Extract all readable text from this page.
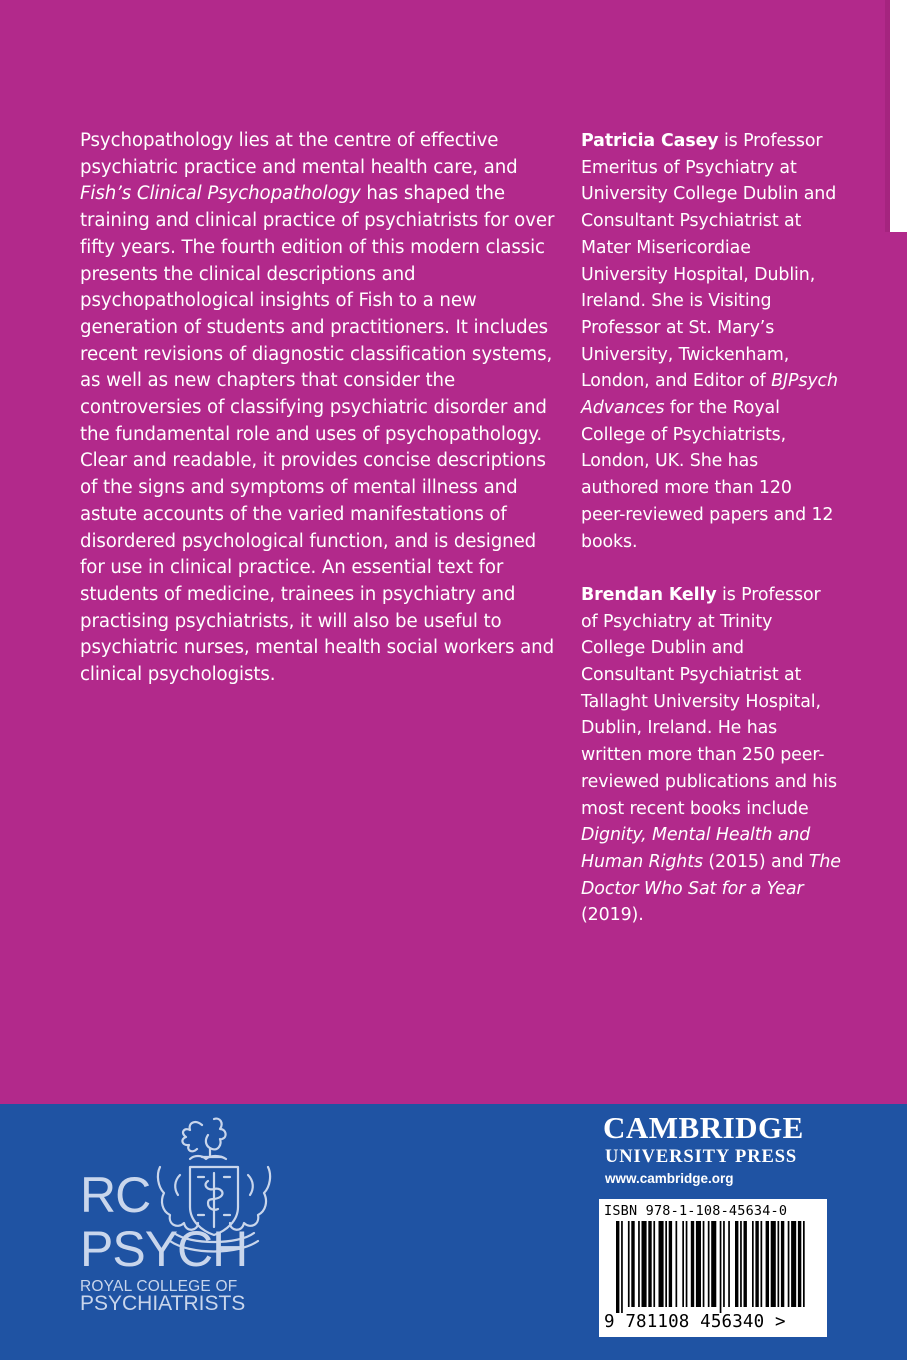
Psychopathology lies at the centre of effective psychiatric practice and mental health care, and Fish’s Clinical Psychopathology has shaped the training and clinical practice of psychiatrists for over fifty years. The fourth edition of this modern classic presents the clinical descriptions and psychopathological insights of Fish to a new generation of students and practitioners. It includes recent revisions of diagnostic classification systems, as well as new chapters that consider the controversies of classifying psychiatric disorder and the fundamental role and uses of psychopathology. Clear and readable, it provides concise descriptions of the signs and symptoms of mental illness and astute accounts of the varied manifestations of disordered psychological function, and is designed for use in clinical practice. An essential text for students of medicine, trainees in psychiatry and practising psychiatrists, it will also be useful to psychiatric nurses, mental health social workers and clinical psychologists.

Patricia Casey is Professor Emeritus of Psychiatry at University College Dublin and Consultant Psychiatrist at Mater Misericordiae University Hospital, Dublin, Ireland. She is Visiting Professor at St. Mary’s University, Twickenham, London, and Editor of BJPsych Advances for the Royal College of Psychiatrists, London, UK. She has authored more than 120 peer-reviewed papers and 12 books.

Brendan Kelly is Professor of Psychiatry at Trinity College Dublin and Consultant Psychiatrist at Tallaght University Hospital, Dublin, Ireland. He has written more than 250 peer-reviewed publications and his most recent books include Dignity, Mental Health and Human Rights (2015) and The Doctor Who Sat for a Year (2019).

RC
PSYCH
ROYAL COLLEGE OF
PSYCHIATRISTS
CAMBRIDGE
UNIVERSITY PRESS
www.cambridge.org
ISBN 978-1-108-45634-0
9 781108 456340 >
